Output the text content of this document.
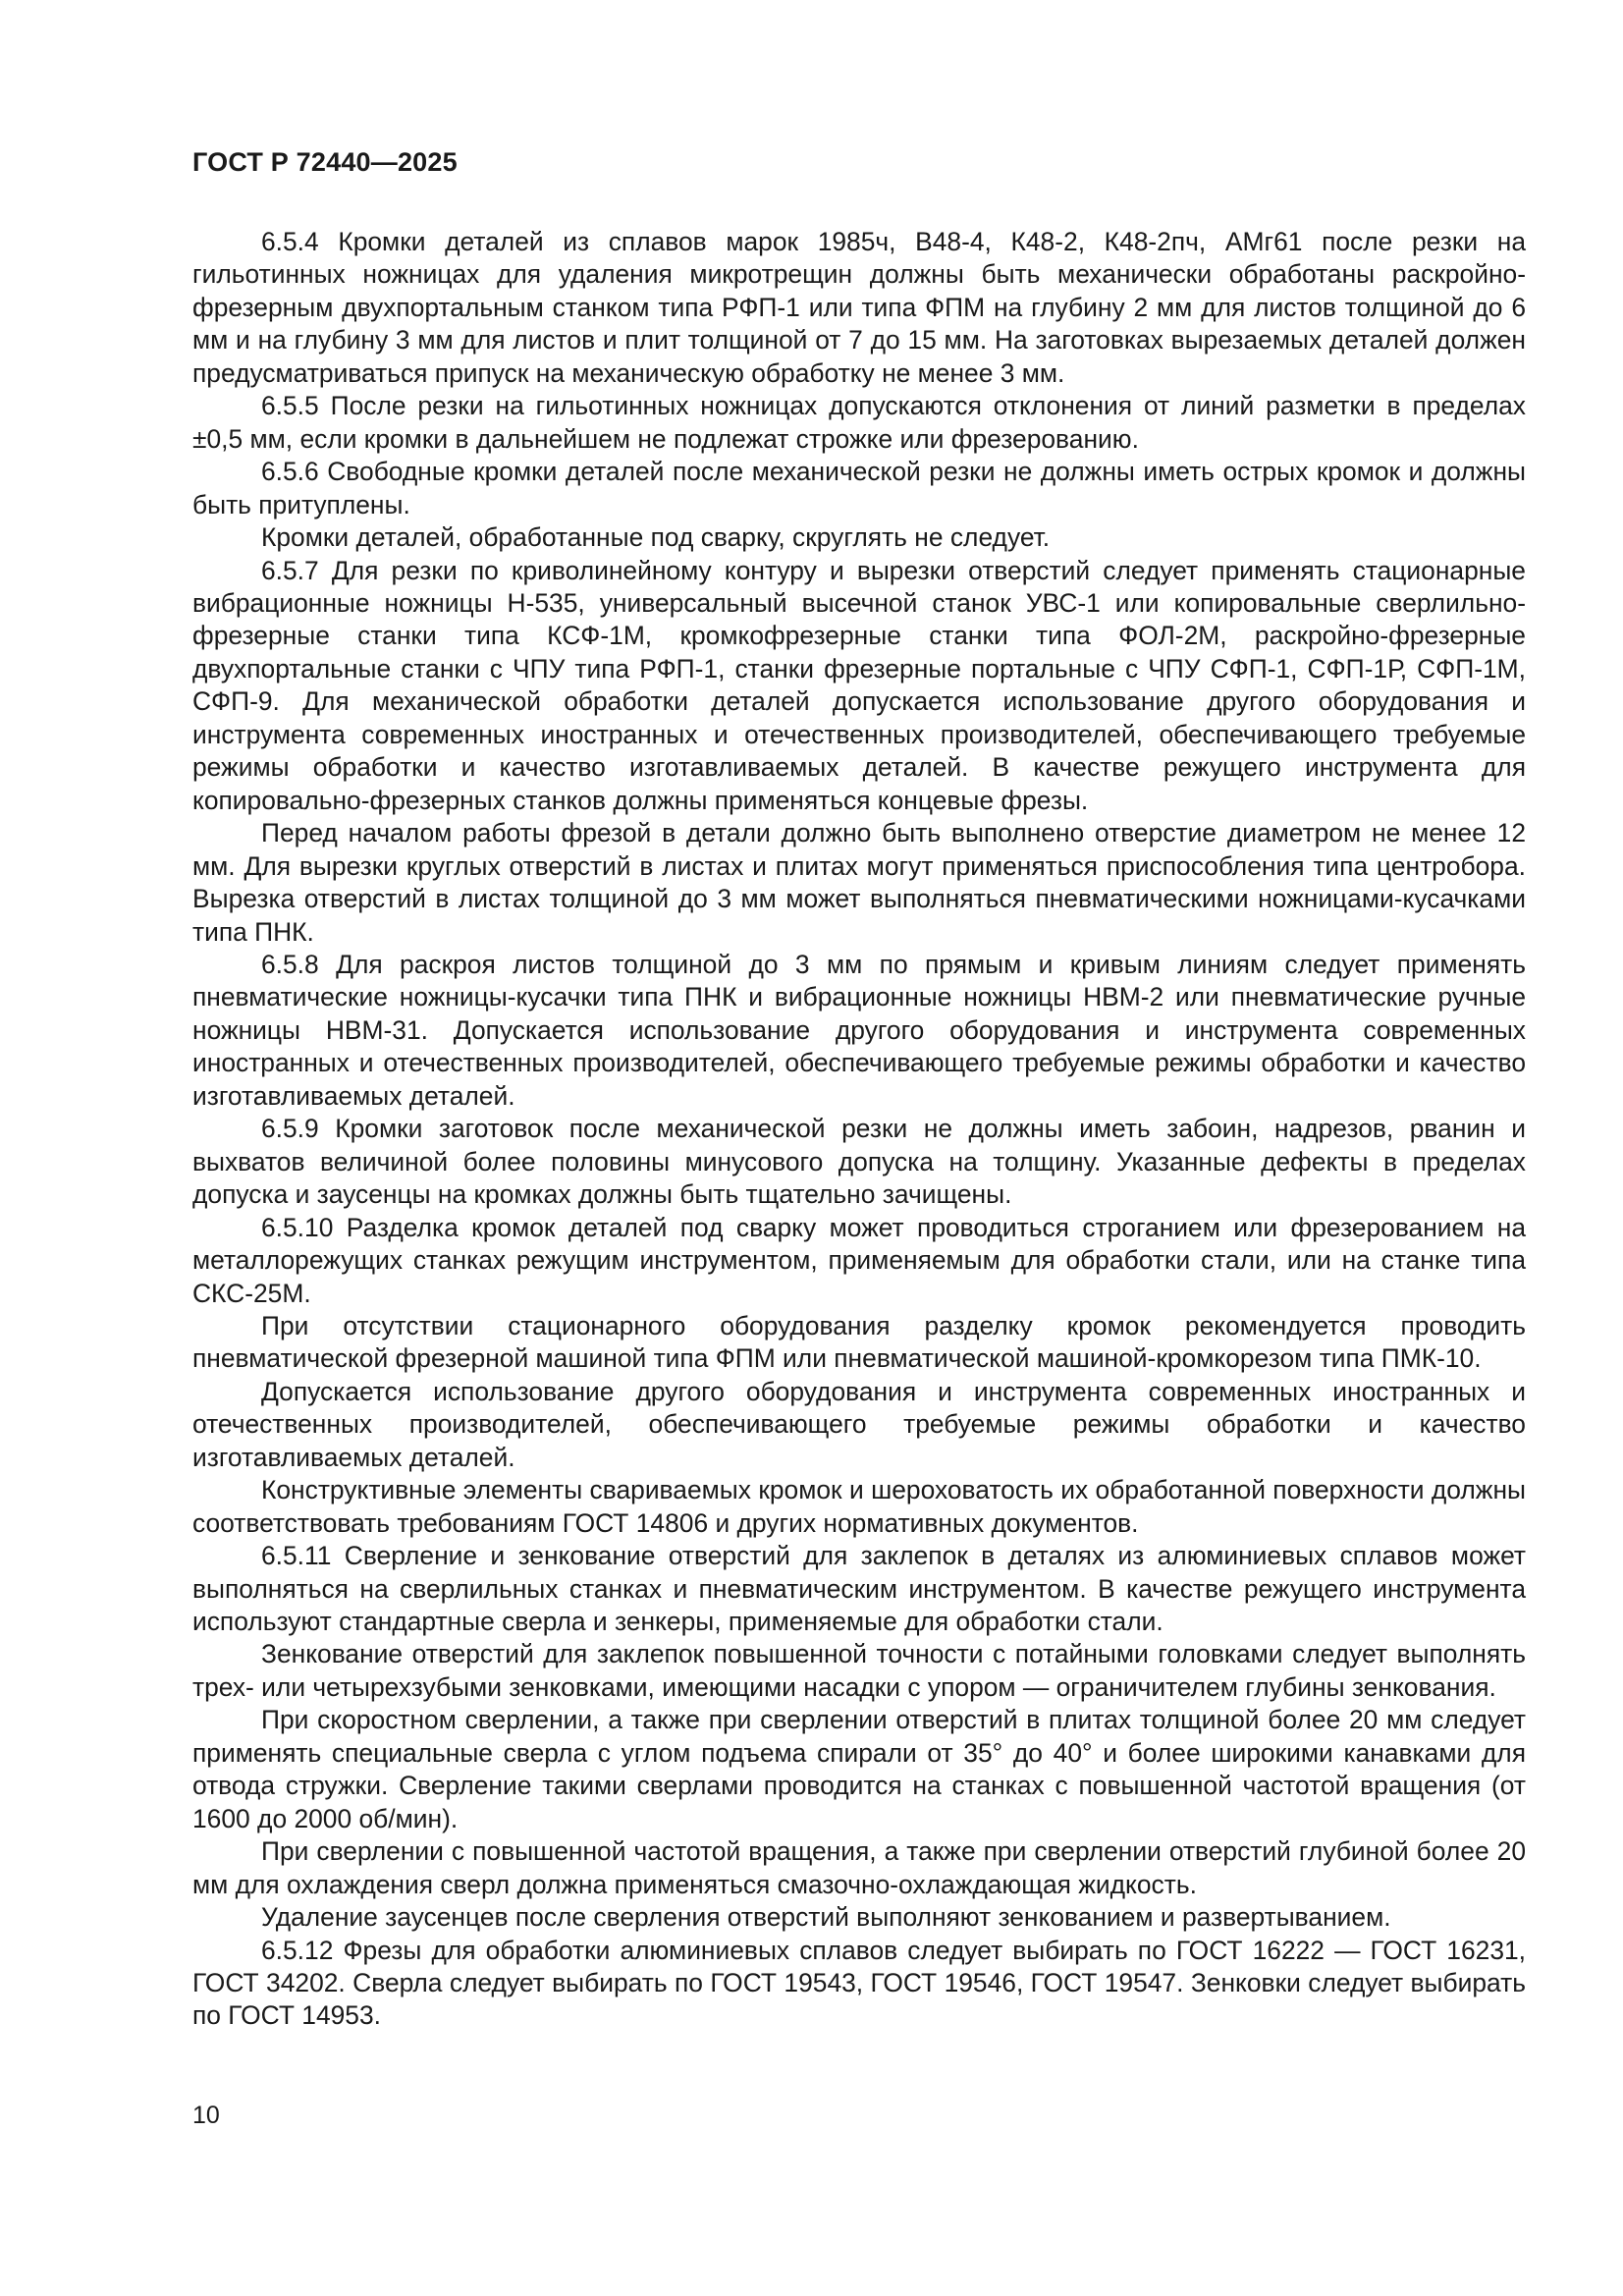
ГОСТ Р 72440—2025

6.5.4 Кромки деталей из сплавов марок 1985ч, В48-4, К48-2, К48-2пч, АМг61 после резки на гильотинных ножницах для удаления микротрещин должны быть механически обработаны раскройно-фрезерным двухпортальным станком типа РФП-1 или типа ФПМ на глубину 2 мм для листов толщиной до 6 мм и на глубину 3 мм для листов и плит толщиной от 7 до 15 мм. На заготовках вырезаемых деталей должен предусматриваться припуск на механическую обработку не менее 3 мм.

6.5.5 После резки на гильотинных ножницах допускаются отклонения от линий разметки в пределах ±0,5 мм, если кромки в дальнейшем не подлежат строжке или фрезерованию.

6.5.6 Свободные кромки деталей после механической резки не должны иметь острых кромок и должны быть притуплены.

Кромки деталей, обработанные под сварку, скруглять не следует.

6.5.7 Для резки по криволинейному контуру и вырезки отверстий следует применять стационарные вибрационные ножницы Н-535, универсальный высечной станок УВС-1 или копировальные сверлильно-фрезерные станки типа КСФ-1М, кромкофрезерные станки типа ФОЛ-2М, раскройно-фрезерные двухпортальные станки с ЧПУ типа РФП-1, станки фрезерные портальные с ЧПУ СФП-1, СФП-1Р, СФП-1М, СФП-9. Для механической обработки деталей допускается использование другого оборудования и инструмента современных иностранных и отечественных производителей, обеспечивающего требуемые режимы обработки и качество изготавливаемых деталей. В качестве режущего инструмента для копировально-фрезерных станков должны применяться концевые фрезы.

Перед началом работы фрезой в детали должно быть выполнено отверстие диаметром не менее 12 мм. Для вырезки круглых отверстий в листах и плитах могут применяться приспособления типа центробора. Вырезка отверстий в листах толщиной до 3 мм может выполняться пневматическими ножницами-кусачками типа ПНК.

6.5.8 Для раскроя листов толщиной до 3 мм по прямым и кривым линиям следует применять пневматические ножницы-кусачки типа ПНК и вибрационные ножницы НВМ-2 или пневматические ручные ножницы НВМ-31. Допускается использование другого оборудования и инструмента современных иностранных и отечественных производителей, обеспечивающего требуемые режимы обработки и качество изготавливаемых деталей.

6.5.9 Кромки заготовок после механической резки не должны иметь забоин, надрезов, рванин и выхватов величиной более половины минусового допуска на толщину. Указанные дефекты в пределах допуска и заусенцы на кромках должны быть тщательно зачищены.

6.5.10 Разделка кромок деталей под сварку может проводиться строганием или фрезерованием на металлорежущих станках режущим инструментом, применяемым для обработки стали, или на станке типа СКС-25М.

При отсутствии стационарного оборудования разделку кромок рекомендуется проводить пневматической фрезерной машиной типа ФПМ или пневматической машиной-кромкорезом типа ПМК-10.

Допускается использование другого оборудования и инструмента современных иностранных и отечественных производителей, обеспечивающего требуемые режимы обработки и качество изготавливаемых деталей.

Конструктивные элементы свариваемых кромок и шероховатость их обработанной поверхности должны соответствовать требованиям ГОСТ 14806 и других нормативных документов.

6.5.11 Сверление и зенкование отверстий для заклепок в деталях из алюминиевых сплавов может выполняться на сверлильных станках и пневматическим инструментом. В качестве режущего инструмента используют стандартные сверла и зенкеры, применяемые для обработки стали.

Зенкование отверстий для заклепок повышенной точности с потайными головками следует выполнять трех- или четырехзубыми зенковками, имеющими насадки с упором — ограничителем глубины зенкования.

При скоростном сверлении, а также при сверлении отверстий в плитах толщиной более 20 мм следует применять специальные сверла с углом подъема спирали от 35° до 40° и более широкими канавками для отвода стружки. Сверление такими сверлами проводится на станках с повышенной частотой вращения (от 1600 до 2000 об/мин).

При сверлении с повышенной частотой вращения, а также при сверлении отверстий глубиной более 20 мм для охлаждения сверл должна применяться смазочно-охлаждающая жидкость.

Удаление заусенцев после сверления отверстий выполняют зенкованием и развертыванием.

6.5.12 Фрезы для обработки алюминиевых сплавов следует выбирать по ГОСТ 16222 — ГОСТ 16231, ГОСТ 34202. Сверла следует выбирать по ГОСТ 19543, ГОСТ 19546, ГОСТ 19547. Зенковки следует выбирать по ГОСТ 14953.

10
